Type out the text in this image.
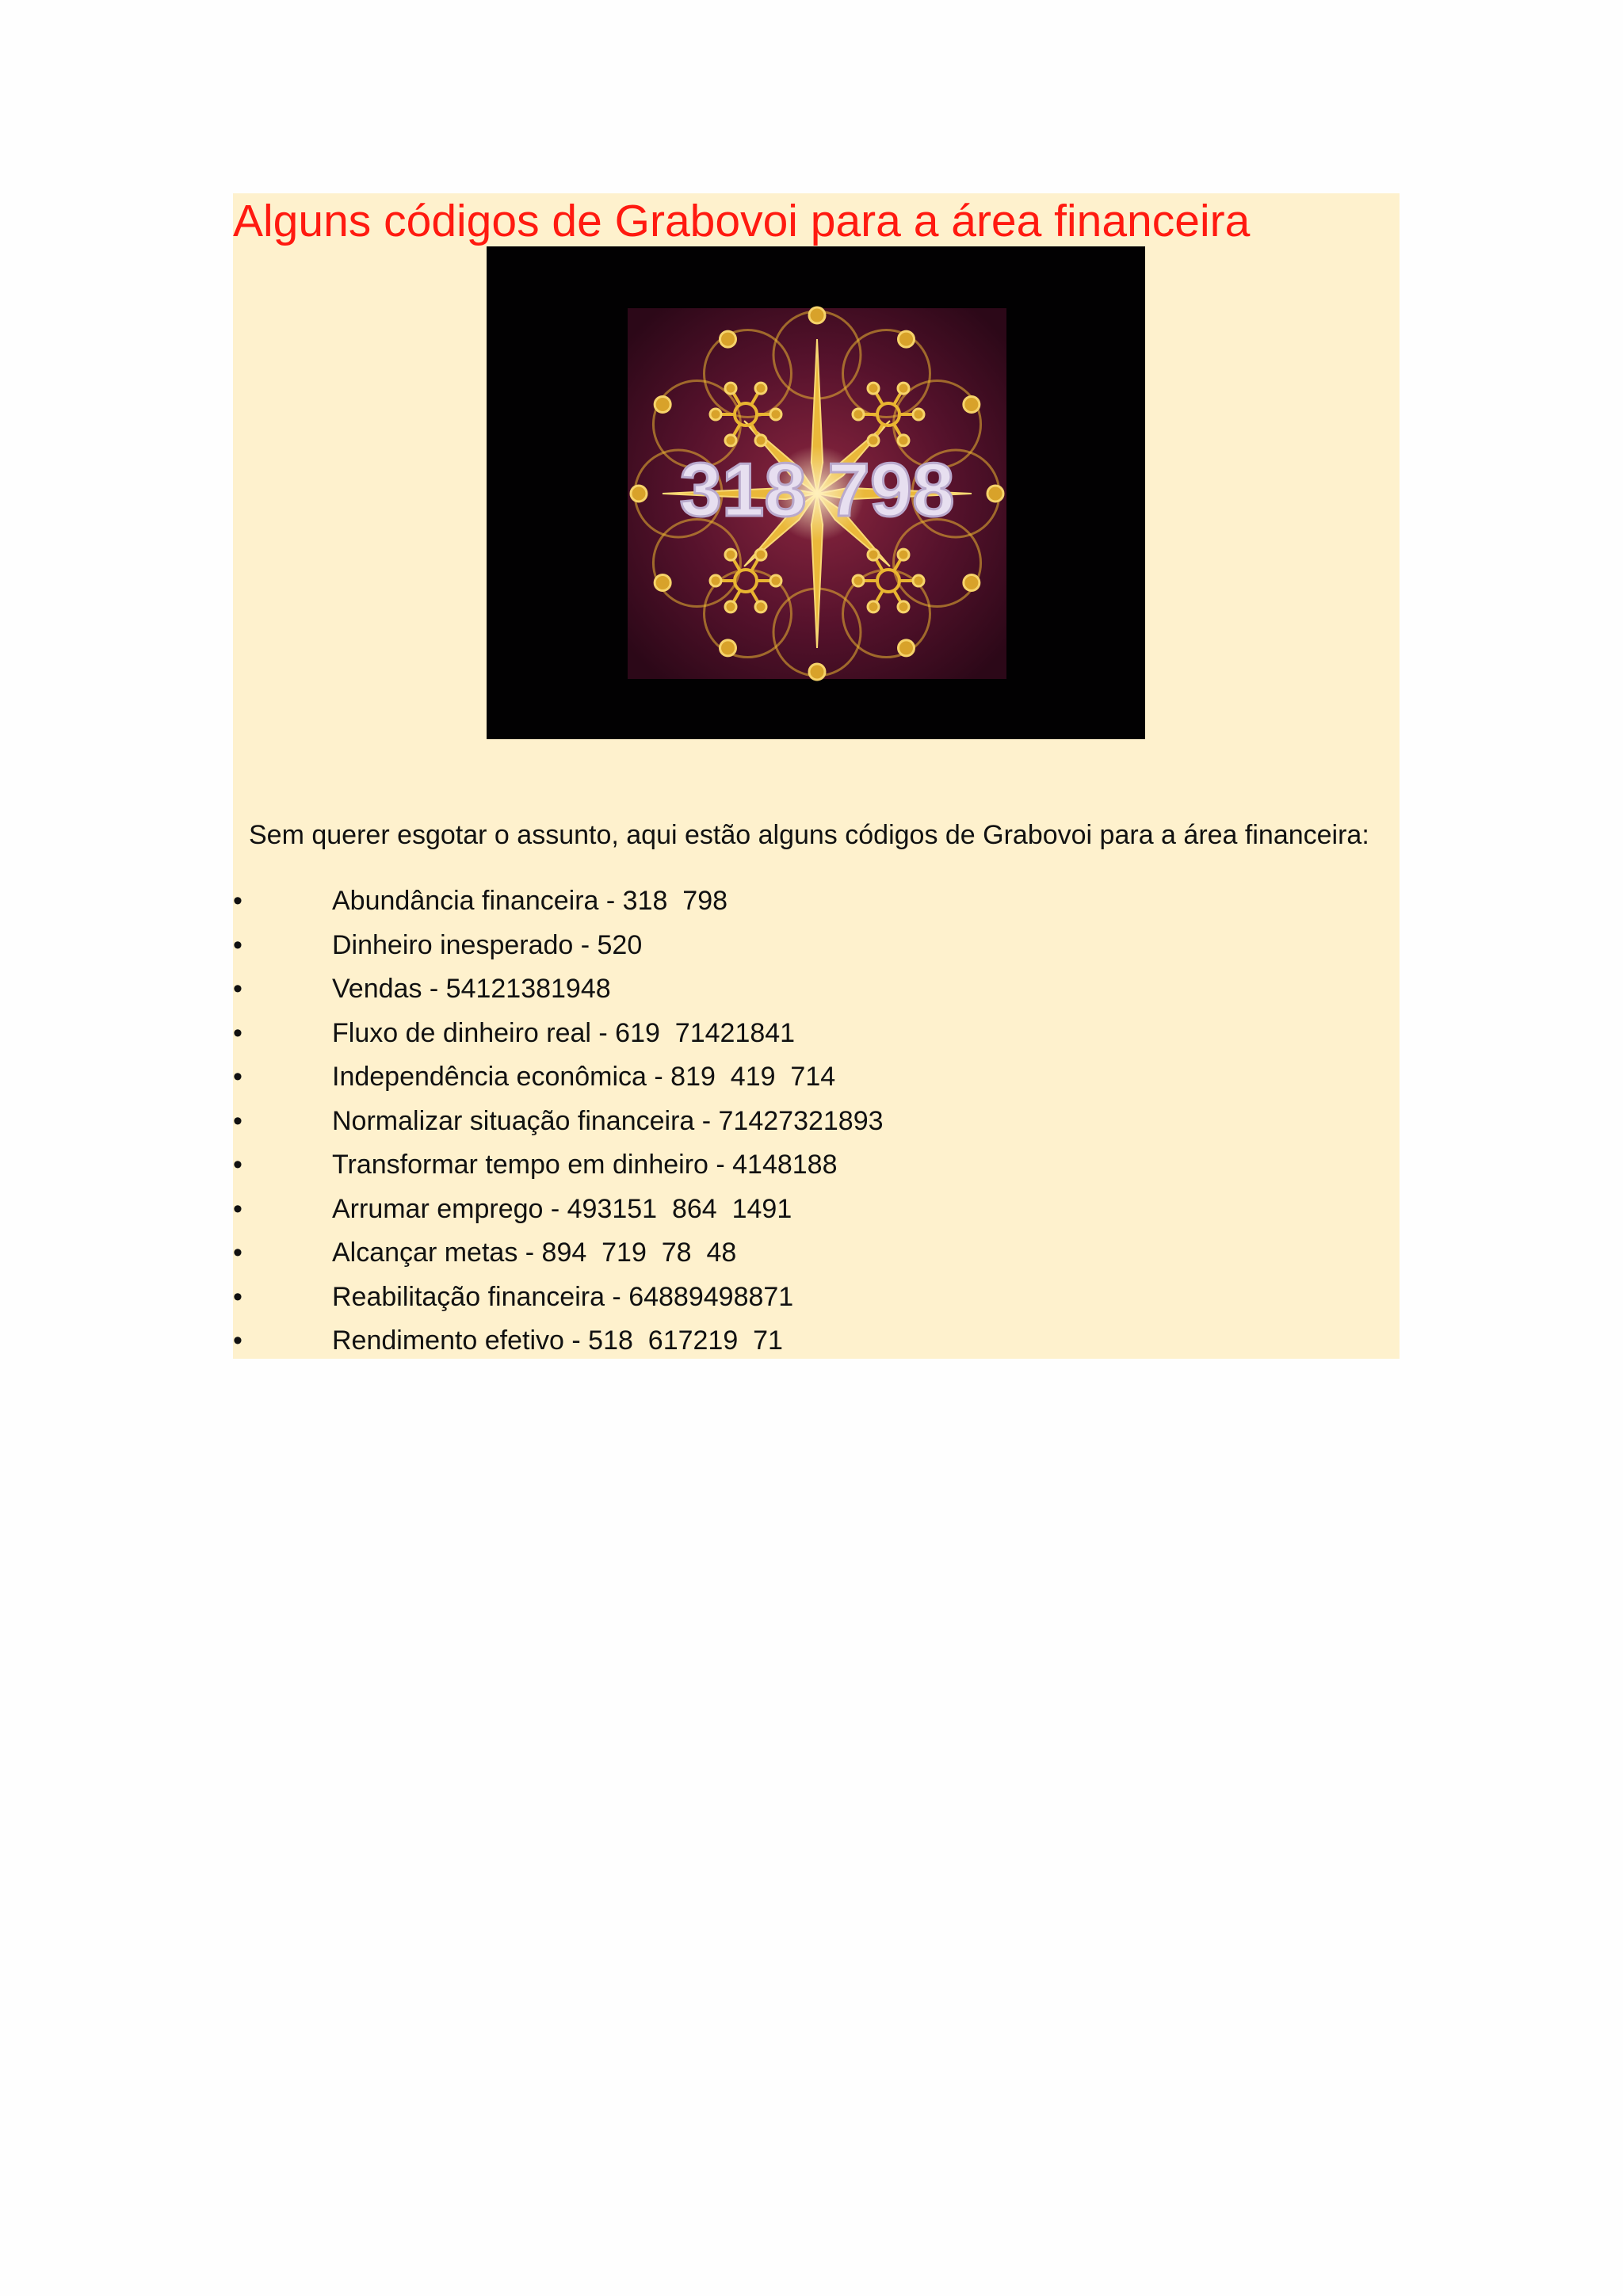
Alguns códigos de Grabovoi para a área financeira
318 798

Sem querer esgotar o assunto, aqui estão alguns códigos de Grabovoi para a área financeira:

•	Abundância financeira - 318  798
•	Dinheiro inesperado - 520
•	Vendas - 54121381948
•	Fluxo de dinheiro real - 619  71421841
•	Independência econômica - 819  419  714
•	Normalizar situação financeira - 71427321893
•	Transformar tempo em dinheiro - 4148188
•	Arrumar emprego - 493151  864  1491
•	Alcançar metas - 894  719  78  48
•	Reabilitação financeira - 64889498871
•	Rendimento efetivo - 518  617219  71
